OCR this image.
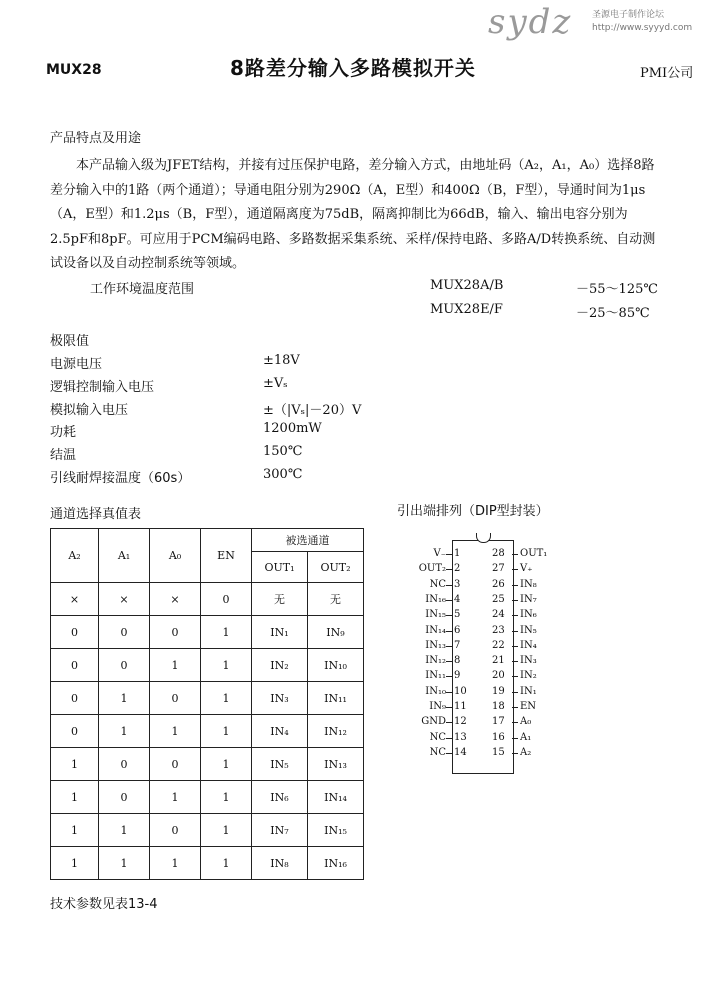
sydz 圣源电子制作论坛
http://www.syyyd.com
MUX28	8路差分输入多路模拟开关	PMI公司
产品特点及用途
本产品输入级为JFET结构，并接有过压保护电路，差分输入方式，由地址码（A₂，A₁，A₀）选择8路差分输入中的1路（两个通道）；导通电阻分别为290Ω（A，E型）和400Ω（B，F型），导通时间为1μs（A，E型）和1.2μs（B，F型），通道隔离度为75dB，隔离抑制比为66dB，输入、输出电容分别为2.5pF和8pF。可应用于PCM编码电路、多路数据采集系统、采样/保持电路、多路A/D转换系统、自动测试设备以及自动控制系统等领域。
工作环境温度范围	MUX28A/B	－55～125℃
MUX28E/F	－25～85℃
极限值
电源电压	±18V
逻辑控制输入电压	±Vₛ
模拟输入电压	±（|Vₛ|－20）V
功耗	1200mW
结温	150℃
引线耐焊接温度（60s）	300℃
通道选择真值表
A₂	A₁	A₀	EN	被选通道	
				OUT₁	OUT₂
×	×	×	0	无	无
0	0	0	1	IN₁	IN₉
0	0	1	1	IN₂	IN₁₀
0	1	0	1	IN₃	IN₁₁
0	1	1	1	IN₄	IN₁₂
1	0	0	1	IN₅	IN₁₃
1	0	1	1	IN₆	IN₁₄
1	1	0	1	IN₇	IN₁₅
1	1	1	1	IN₈	IN₁₆
引出端排列（DIP型封装）
V₋ 1
OUT₂ 2
NC 3
IN₁₆ 4
IN₁₅ 5
IN₁₄ 6
IN₁₃ 7
IN₁₂ 8
IN₁₁ 9
IN₁₀ 10
IN₉ 11
GND 12
NC 13
NC 14
28 OUT₁
27 V₊
26 IN₈
25 IN₇
24 IN₆
23 IN₅
22 IN₄
21 IN₃
20 IN₂
19 IN₁
18 EN
17 A₀
16 A₁
15 A₂
技术参数见表13-4
